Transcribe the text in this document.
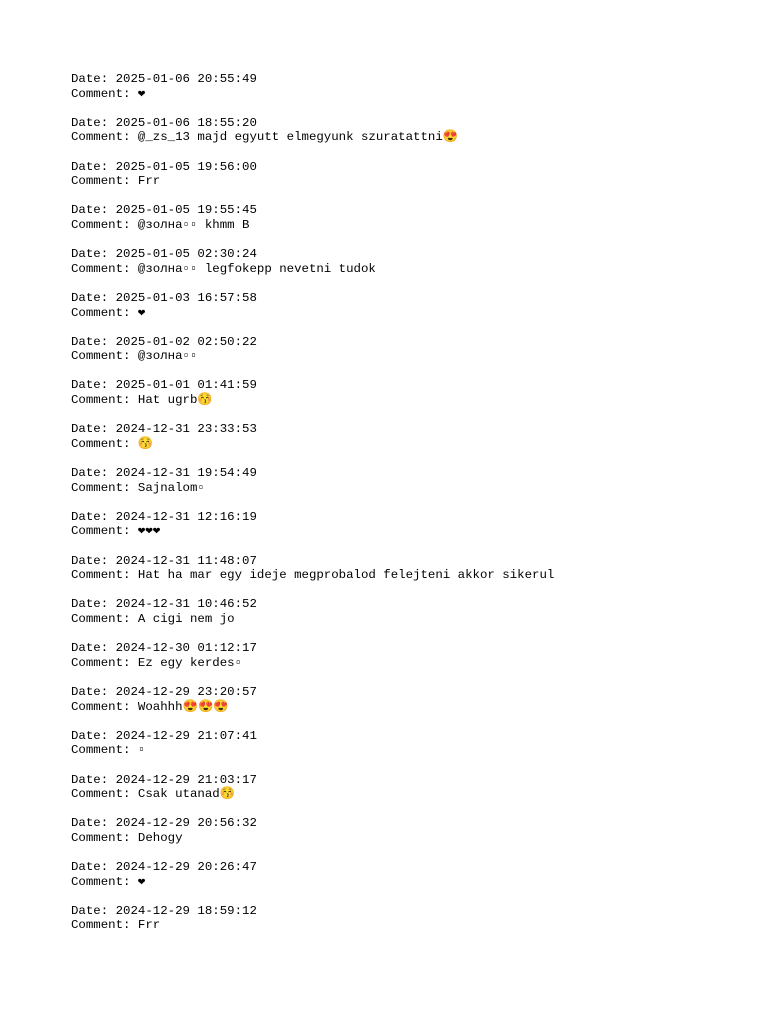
Date: 2025-01-06 20:55:49
Comment: ❤
Date: 2025-01-06 18:55:20
Comment: @_zs_13 majd egyutt elmegyunk szuratattni😍
Date: 2025-01-05 19:56:00
Comment: Frr
Date: 2025-01-05 19:55:45
Comment: @золна▫▫ khmm B
Date: 2025-01-05 02:30:24
Comment: @золна▫▫ legfokepp nevetni tudok
Date: 2025-01-03 16:57:58
Comment: ❤
Date: 2025-01-02 02:50:22
Comment: @золна▫▫
Date: 2025-01-01 01:41:59
Comment: Hat ugrb😚
Date: 2024-12-31 23:33:53
Comment: 😚
Date: 2024-12-31 19:54:49
Comment: Sajnalom▫
Date: 2024-12-31 12:16:19
Comment: ❤❤❤
Date: 2024-12-31 11:48:07
Comment: Hat ha mar egy ideje megprobalod felejteni akkor sikerul
Date: 2024-12-31 10:46:52
Comment: A cigi nem jo
Date: 2024-12-30 01:12:17
Comment: Ez egy kerdes▫
Date: 2024-12-29 23:20:57
Comment: Woahhh😍😍😍
Date: 2024-12-29 21:07:41
Comment: ▫
Date: 2024-12-29 21:03:17
Comment: Csak utanad😚
Date: 2024-12-29 20:56:32
Comment: Dehogy
Date: 2024-12-29 20:26:47
Comment: ❤
Date: 2024-12-29 18:59:12
Comment: Frr
